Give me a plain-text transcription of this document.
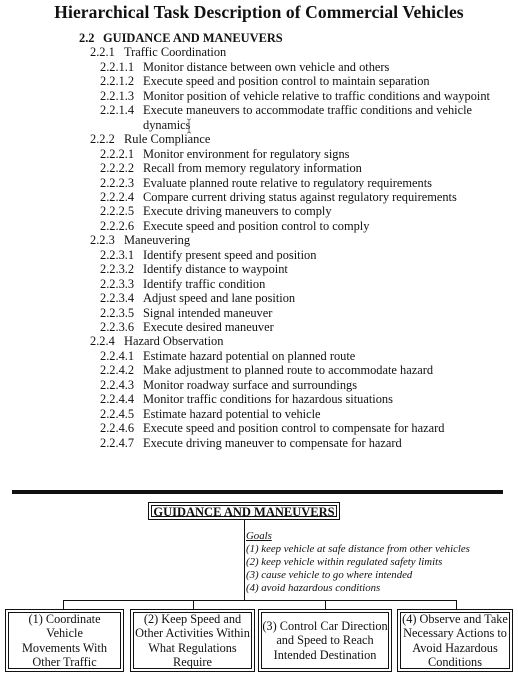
Hierarchical Task Description of Commercial Vehicles
2.2 GUIDANCE AND MANEUVERS
2.2.1 Traffic Coordination
2.2.1.1 Monitor distance between own vehicle and others
2.2.1.2 Execute speed and position control to maintain separation
2.2.1.3 Monitor position of vehicle relative to traffic conditions and waypoint
2.2.1.4 Execute maneuvers to accommodate traffic conditions and vehicle
dynamics
2.2.2 Rule Compliance
2.2.2.1 Monitor environment for regulatory signs
2.2.2.2 Recall from memory regulatory information
2.2.2.3 Evaluate planned route relative to regulatory requirements
2.2.2.4 Compare current driving status against regulatory requirements
2.2.2.5 Execute driving maneuvers to comply
2.2.2.6 Execute speed and position control to comply
2.2.3 Maneuvering
2.2.3.1 Identify present speed and position
2.2.3.2 Identify distance to waypoint
2.2.3.3 Identify traffic condition
2.2.3.4 Adjust speed and lane position
2.2.3.5 Signal intended maneuver
2.2.3.6 Execute desired maneuver
2.2.4 Hazard Observation
2.2.4.1 Estimate hazard potential on planned route
2.2.4.2 Make adjustment to planned route to accommodate hazard
2.2.4.3 Monitor roadway surface and surroundings
2.2.4.4 Monitor traffic conditions for hazardous situations
2.2.4.5 Estimate hazard potential to vehicle
2.2.4.6 Execute speed and position control to compensate for hazard
2.2.4.7 Execute driving maneuver to compensate for hazard
GUIDANCE AND MANEUVERS
Goals
(1) keep vehicle at safe distance from other vehicles
(2) keep vehicle within regulated safety limits
(3) cause vehicle to go where intended
(4) avoid hazardous conditions
(1) Coordinate Vehicle
Movements With
Other Traffic
(2) Keep Speed and
Other Activities Within
What Regulations
Require
(3) Control Car Direction
and Speed to Reach
Intended Destination
(4) Observe and Take
Necessary Actions to
Avoid Hazardous
Conditions
